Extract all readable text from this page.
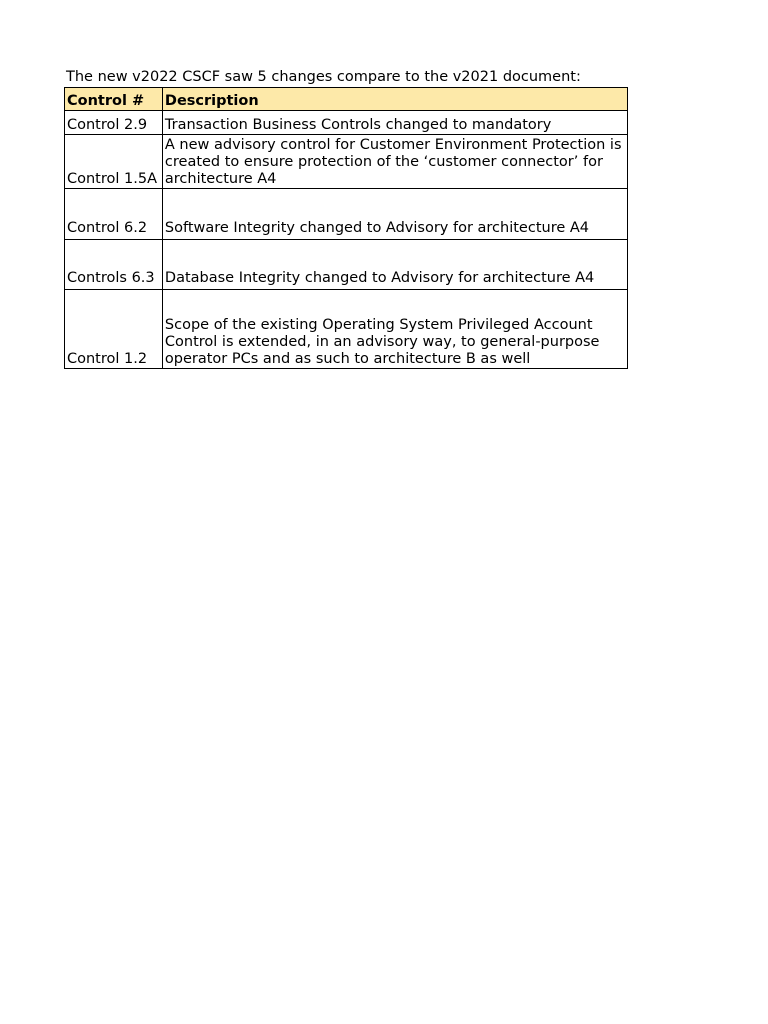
The new v2022 CSCF saw 5 changes compare to the v2021 document:
Control #	Description
Control 2.9	Transaction Business Controls changed to mandatory
Control 1.5A	A new advisory control for Customer Environment Protection is created to ensure protection of the ‘customer connector’ for architecture A4
Control 6.2	Software Integrity changed to Advisory for architecture A4
Controls 6.3	Database Integrity changed to Advisory for architecture A4
Control 1.2	Scope of the existing Operating System Privileged Account Control is extended, in an advisory way, to general-purpose operator PCs and as such to architecture B as well
